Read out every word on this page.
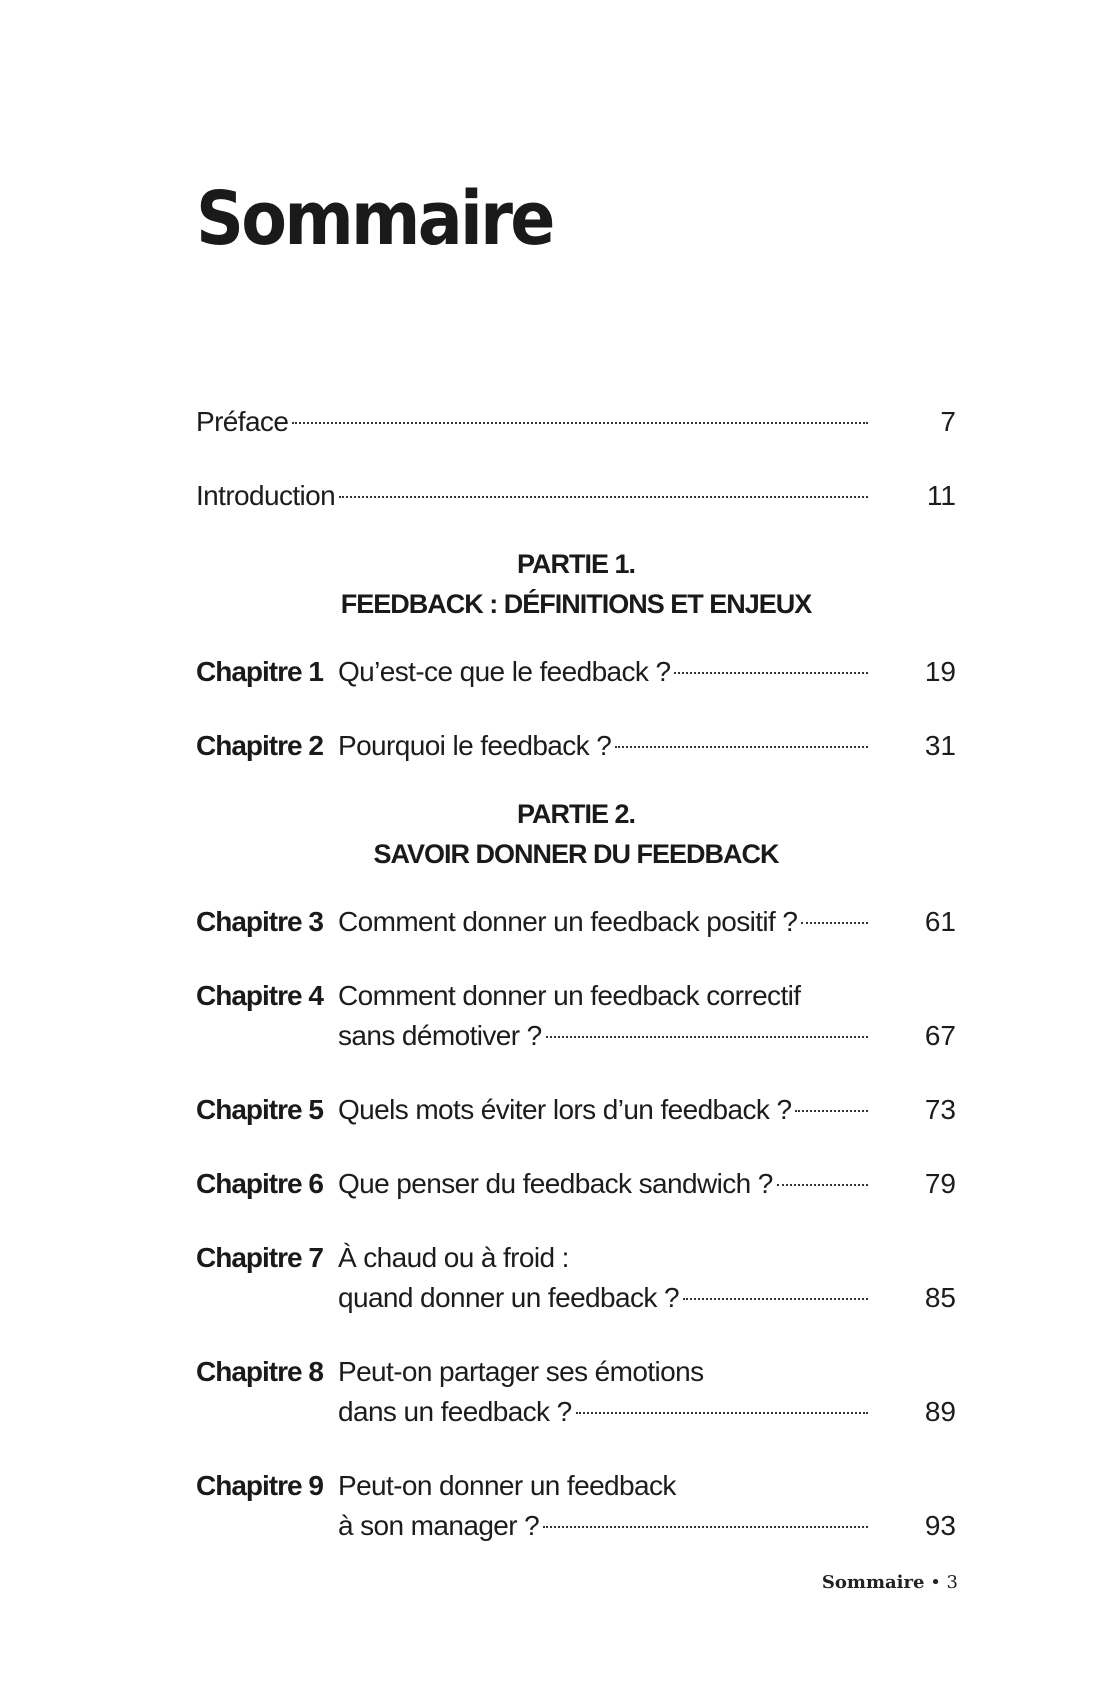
Sommaire
Préface	7
Introduction	11
PARTIE 1.
FEEDBACK : DÉFINITIONS ET ENJEUX
Chapitre 1 Qu’est-ce que le feedback ?	19
Chapitre 2 Pourquoi le feedback ?	31
PARTIE 2.
SAVOIR DONNER DU FEEDBACK
Chapitre 3 Comment donner un feedback positif ?	61
Chapitre 4 Comment donner un feedback correctif
sans démotiver ?	67
Chapitre 5 Quels mots éviter lors d’un feedback ?	73
Chapitre 6 Que penser du feedback sandwich ?	79
Chapitre 7 À chaud ou à froid :
quand donner un feedback ?	85
Chapitre 8 Peut-on partager ses émotions
dans un feedback ?	89
Chapitre 9 Peut-on donner un feedback
à son manager ?	93
Sommaire • 3
